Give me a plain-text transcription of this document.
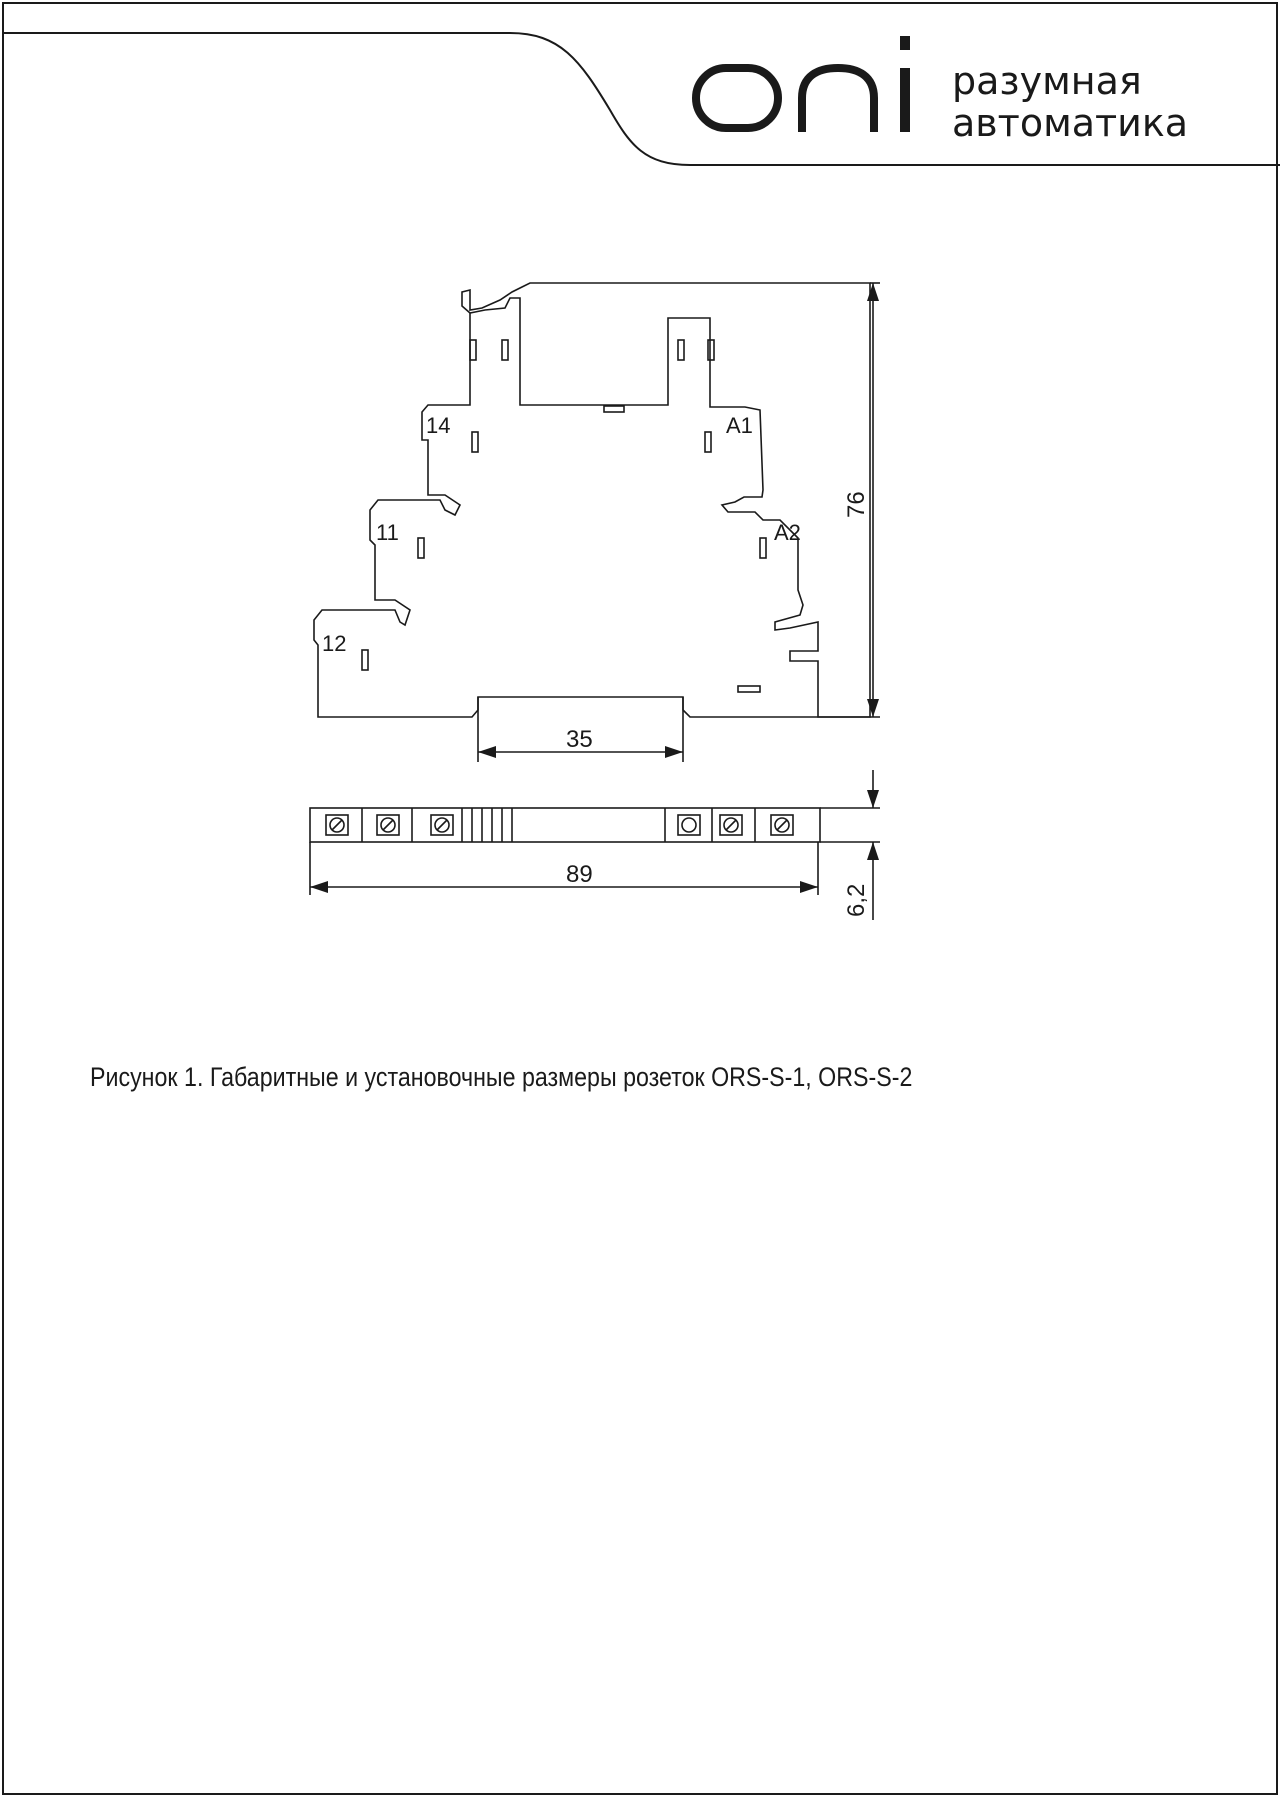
разумная
автоматика
14	A1
11	A2
12
76
35
89
6,2
Рисунок 1. Габаритные и установочные размеры розеток ORS-S-1, ORS-S-2
